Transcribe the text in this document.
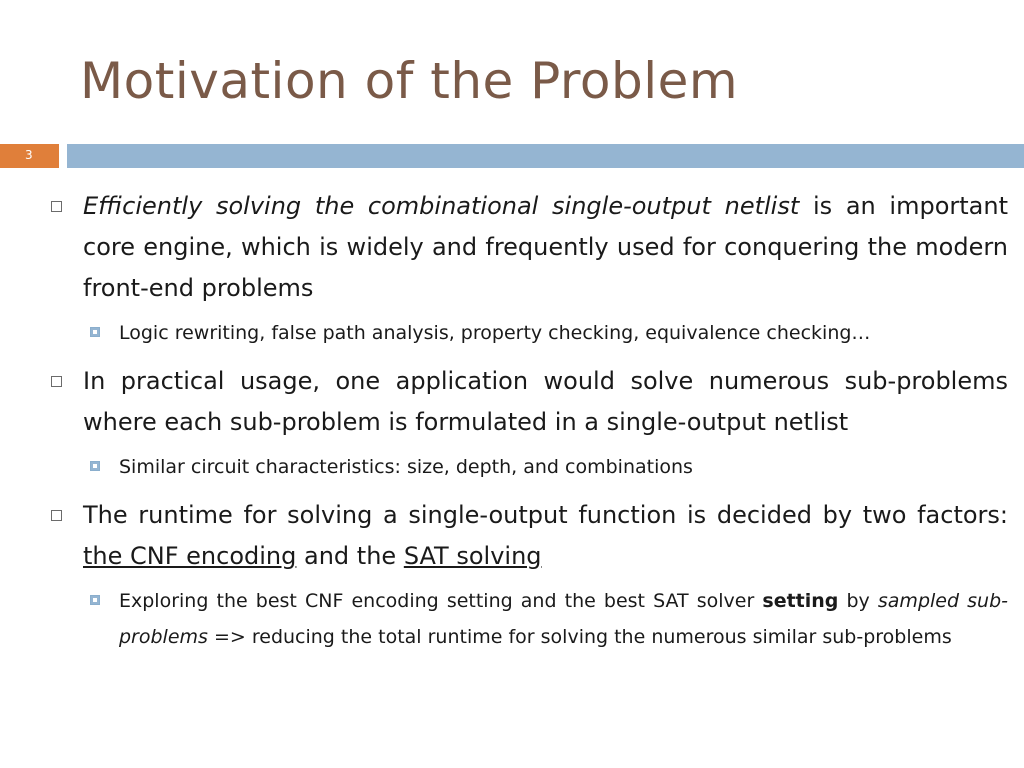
Motivation of the Problem
3
Efficiently solving the combinational single-output netlist is an important core engine, which is widely and frequently used for conquering the modern front-end problems
Logic rewriting, false path analysis, property checking, equivalence checking…
In practical usage, one application would solve numerous sub-problems where each sub-problem is formulated in a single-output netlist
Similar circuit characteristics: size, depth, and combinations
The runtime for solving a single-output function is decided by two factors: the CNF encoding and the SAT solving
Exploring the best CNF encoding setting and the best SAT solver setting by sampled sub-problems => reducing the total runtime for solving the numerous similar sub-problems
